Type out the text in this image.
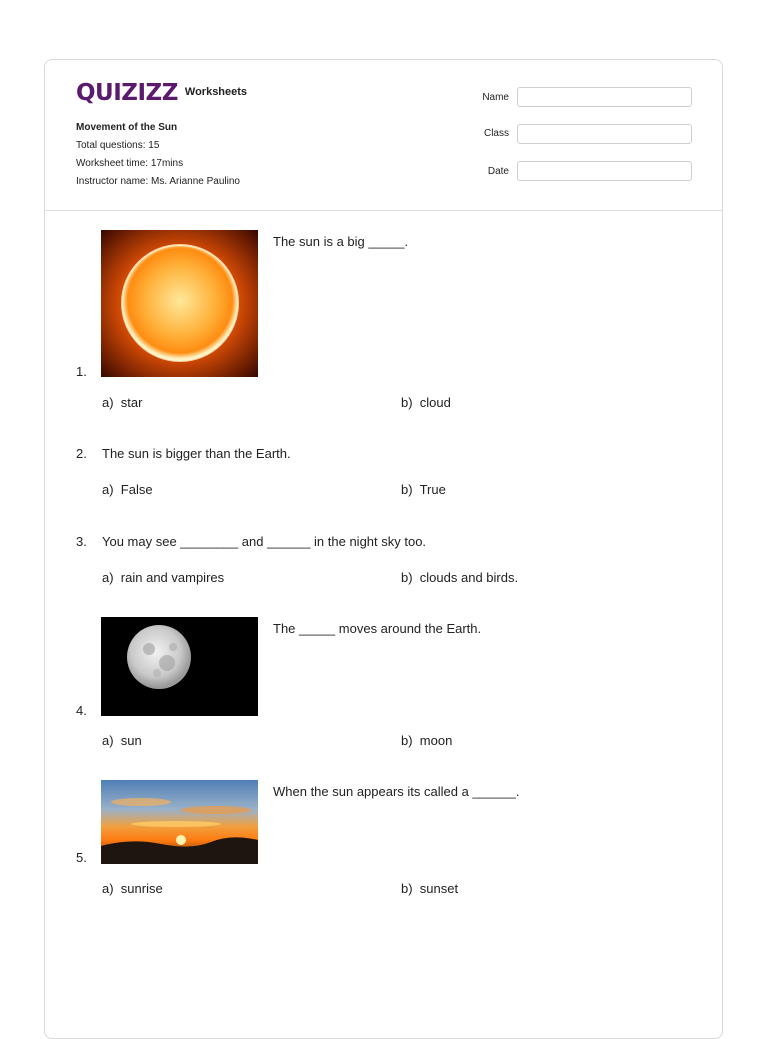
QUIZIZZ Worksheets
Movement of the Sun
Total questions: 15
Worksheet time: 17mins
Instructor name: Ms. Arianne Paulino
Name
Class
Date
The sun is a big _____.
1.
a) star	b) cloud
2. The sun is bigger than the Earth.
a) False	b) True
3. You may see ________ and ______ in the night sky too.
a) rain and vampires	b) clouds and birds.
The _____ moves around the Earth.
4.
a) sun	b) moon
When the sun appears its called a ______.
5.
a) sunrise	b) sunset
